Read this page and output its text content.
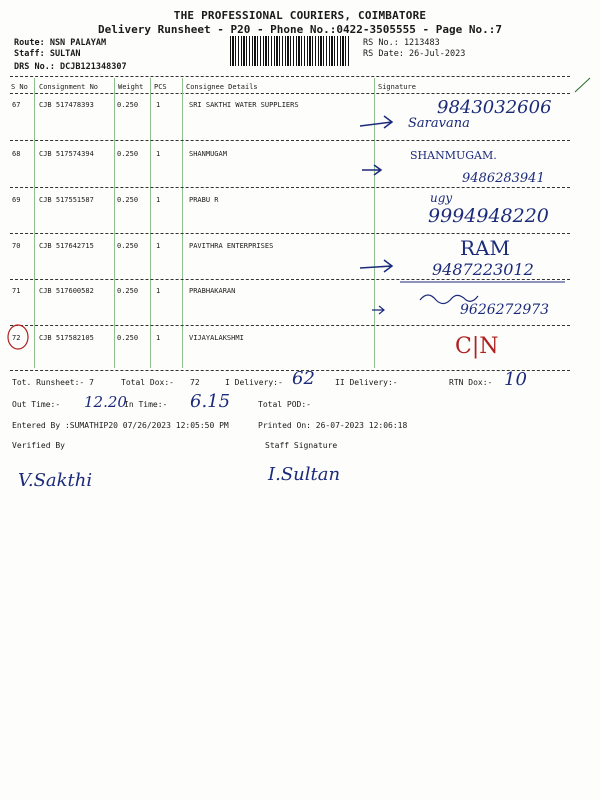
THE PROFESSIONAL COURIERS, COIMBATORE
Delivery Runsheet - P20 - Phone No.:0422-3505555 - Page No.:7
Route: NSN PALAYAM
Staff: SULTAN
DRS No.: DCJB121348307
RS No.: 1213483
RS Date: 26-Jul-2023
S No Consignment No	Weight PCS	Consignee Details	Signature
67	CJB 517478393	0.250	1	SRI SAKTHI WATER SUPPLIERS	9843032606
Saravana
68	CJB 517574394	0.250	1	SHANMUGAM	SHANMUGAM.
9486283941
69	CJB 517551587	0.250	1	PRABU R	ugy
9994948220
70	CJB 517642715	0.250	1	PAVITHRA ENTERPRISES	RAM
9487223012
71	CJB 517600582	0.250	1	PRABHAKARAN
9626272973
72	CJB 517582105	0.250	1	VIJAYALAKSHMI	C|N
Tot. Runsheet:- 7	Total Dox:- 72	I Delivery:- 62	II Delivery:-	RTN Dox:- 10
Out Time:- 12.20
In Time:- 6.15	Total POD:-
Entered By :SUMATHIP20 07/26/2023 12:05:50 PM	Printed On: 26-07-2023 12:06:18
Verified By	Staff Signature
V.Sakthi	I.Sultan
